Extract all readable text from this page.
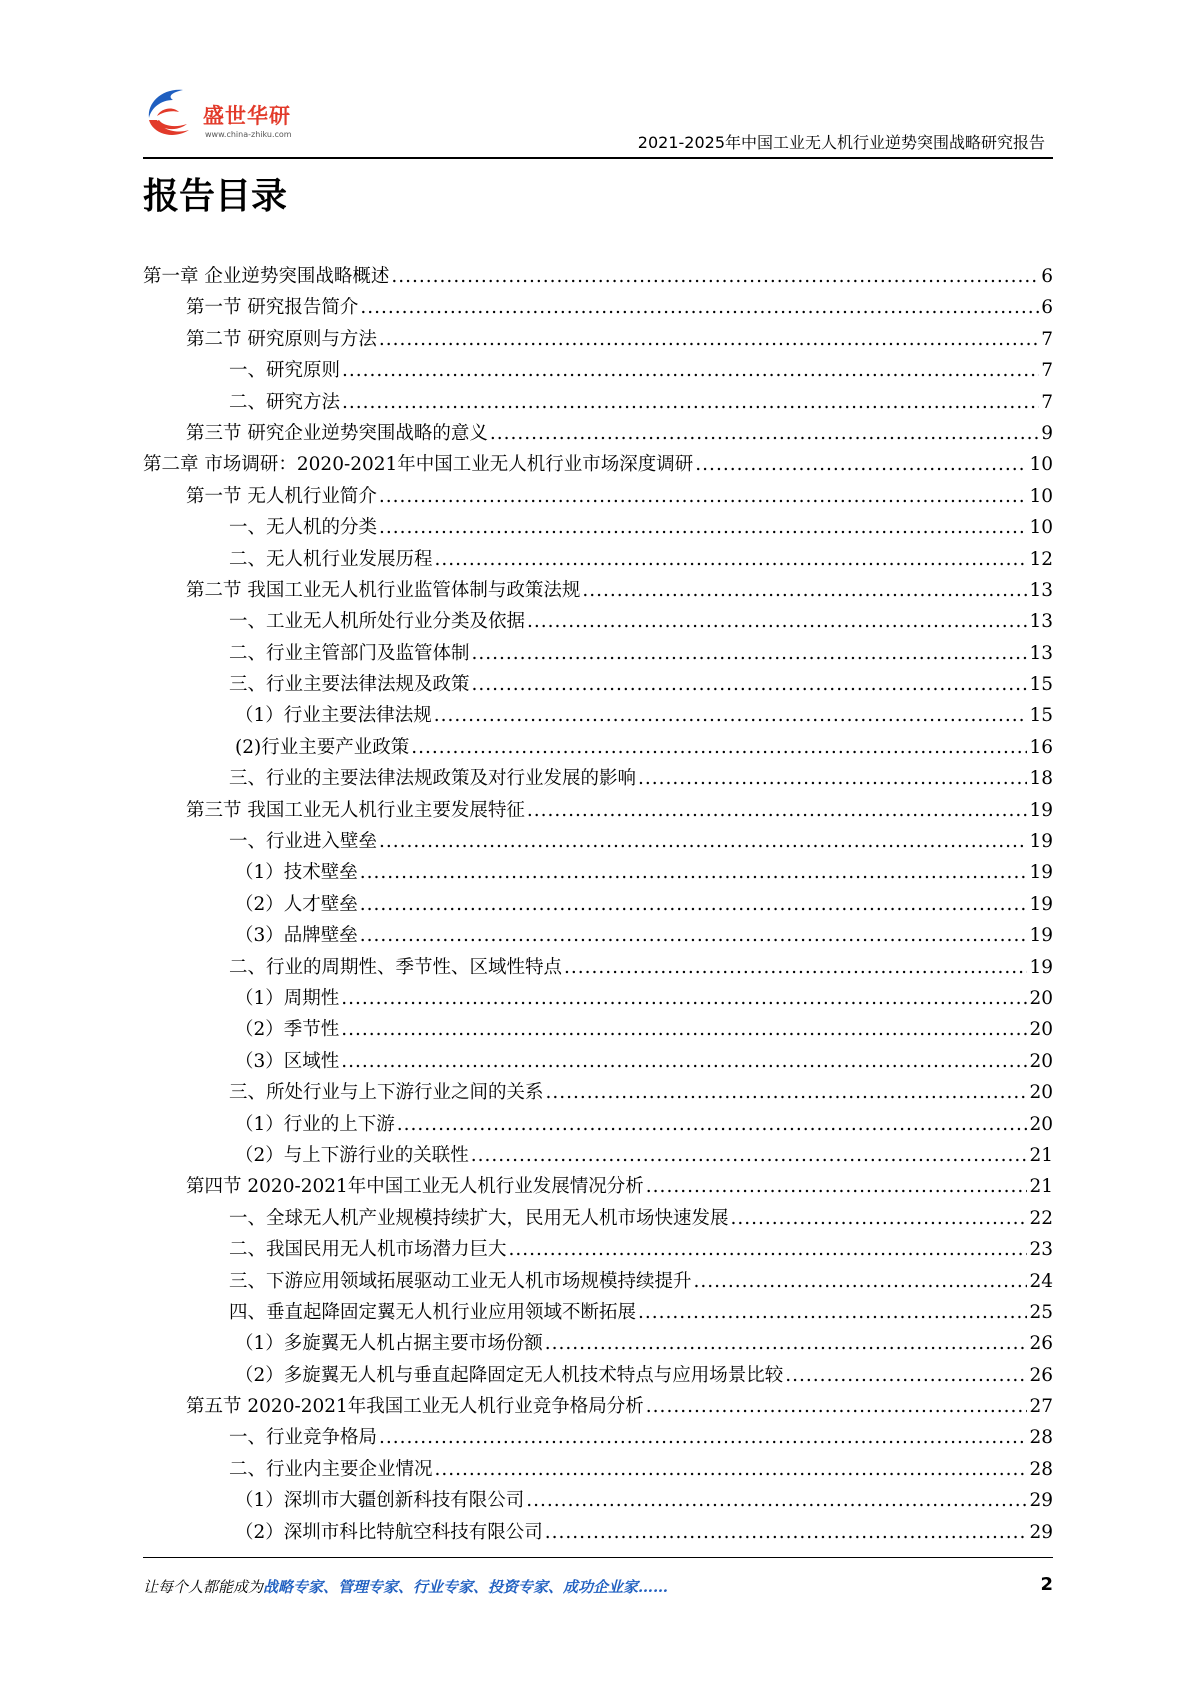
盛世华研
www.china-zhiku.com	2021-2025年中国工业无人机行业逆势突围战略研究报告
报告目录
第一章 企业逆势突围战略概述 .....	6
第一节 研究报告简介 .....	6
第二节 研究原则与方法 .....	7
一、研究原则 .....	7
二、研究方法 .....	7
第三节 研究企业逆势突围战略的意义 .....	9
第二章 市场调研：2020-2021年中国工业无人机行业市场深度调研 .....	10
第一节 无人机行业简介 .....	10
一、无人机的分类 .....	10
二、无人机行业发展历程 .....	12
第二节 我国工业无人机行业监管体制与政策法规 .....	13
一、工业无人机所处行业分类及依据 .....	13
二、行业主管部门及监管体制 .....	13
三、行业主要法律法规及政策 .....	15
（1）行业主要法律法规 .....	15
(2)行业主要产业政策 .....	16
三、行业的主要法律法规政策及对行业发展的影响 .....	18
第三节 我国工业无人机行业主要发展特征 .....	19
一、行业进入壁垒 .....	19
（1）技术壁垒 .....	19
（2）人才壁垒 .....	19
（3）品牌壁垒 .....	19
二、行业的周期性、季节性、区域性特点 .....	19
（1）周期性 .....	20
（2）季节性 .....	20
（3）区域性 .....	20
三、所处行业与上下游行业之间的关系 .....	20
（1）行业的上下游 .....	20
（2）与上下游行业的关联性 .....	21
第四节 2020-2021年中国工业无人机行业发展情况分析 .....	21
一、全球无人机产业规模持续扩大，民用无人机市场快速发展 .....	22
二、我国民用无人机市场潜力巨大 .....	23
三、下游应用领域拓展驱动工业无人机市场规模持续提升 .....	24
四、垂直起降固定翼无人机行业应用领域不断拓展 .....	25
（1）多旋翼无人机占据主要市场份额 .....	26
（2）多旋翼无人机与垂直起降固定无人机技术特点与应用场景比较 .....	26
第五节 2020-2021年我国工业无人机行业竞争格局分析 .....	27
一、行业竞争格局 .....	28
二、行业内主要企业情况 .....	28
（1）深圳市大疆创新科技有限公司 .....	29
（2）深圳市科比特航空科技有限公司 .....	29
让每个人都能成为战略专家、管理专家、行业专家、投资专家、成功企业家……	2
